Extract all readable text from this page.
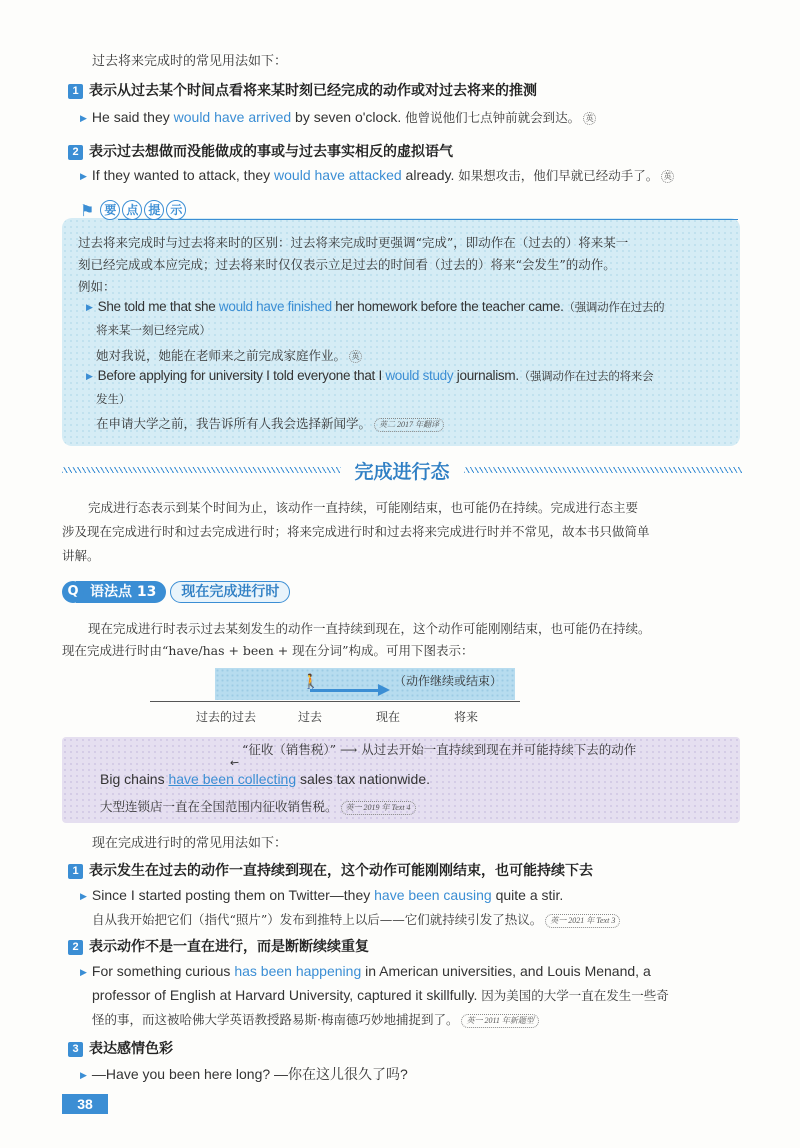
过去将来完成时的常见用法如下：
1 表示从过去某个时间点看将来某时刻已经完成的动作或对过去将来的推测
▶ He said they would have arrived by seven o'clock. 他曾说他们七点钟前就会到达。 英
2 表示过去想做而没能做成的事或与过去事实相反的虚拟语气
▶ If they wanted to attack, they would have attacked already. 如果想攻击，他们早就已经动手了。 英
⚑ 要 点 提 示
过去将来完成时与过去将来时的区别：过去将来完成时更强调“完成”，即动作在（过去的）将来某一
刻已经完成或本应完成；过去将来时仅仅表示立足过去的时间看（过去的）将来“会发生”的动作。
例如：
▶ She told me that she would have finished her homework before the teacher came.（强调动作在过去的
将来某一刻已经完成）
她对我说，她能在老师来之前完成家庭作业。 英
▶ Before applying for university I told everyone that I would study journalism.（强调动作在过去的将来会
发生）
在申请大学之前，我告诉所有人我会选择新闻学。 英二 2017 年翻译
完成进行态
完成进行态表示到某个时间为止，该动作一直持续，可能刚结束，也可能仍在持续。完成进行态主要
涉及现在完成进行时和过去完成进行时；将来完成进行时和过去将来完成进行时并不常见，故本书只做简单
讲解。
Q 语法点 13	现在完成进行时
现在完成进行时表示过去某刻发生的动作一直持续到现在，这个动作可能刚刚结束，也可能仍在持续。
现在完成进行时由“have/has + been + 现在分词”构成。可用下图表示：
🚶	（动作继续或结束）
过去的过去	过去	现在	将来
“征收（销售税）” ⟶ 从过去开始一直持续到现在并可能持续下去的动作
↙
Big chains have been collecting sales tax nationwide.
大型连锁店一直在全国范围内征收销售税。 英一 2019 年 Text 4
现在完成进行时的常见用法如下：
1 表示发生在过去的动作一直持续到现在，这个动作可能刚刚结束，也可能持续下去
▶ Since I started posting them on Twitter—they have been causing quite a stir.
自从我开始把它们（指代“照片”）发布到推特上以后——它们就持续引发了热议。 英一 2021 年 Text 3
2 表示动作不是一直在进行，而是断断续续重复
▶ For something curious has been happening in American universities, and Louis Menand, a
professor of English at Harvard University, captured it skillfully. 因为美国的大学一直在发生一些奇
怪的事，而这被哈佛大学英语教授路易斯·梅南德巧妙地捕捉到了。 英一 2011 年新题型
3 表达感情色彩
▶ —Have you been here long? —你在这儿很久了吗?
38
